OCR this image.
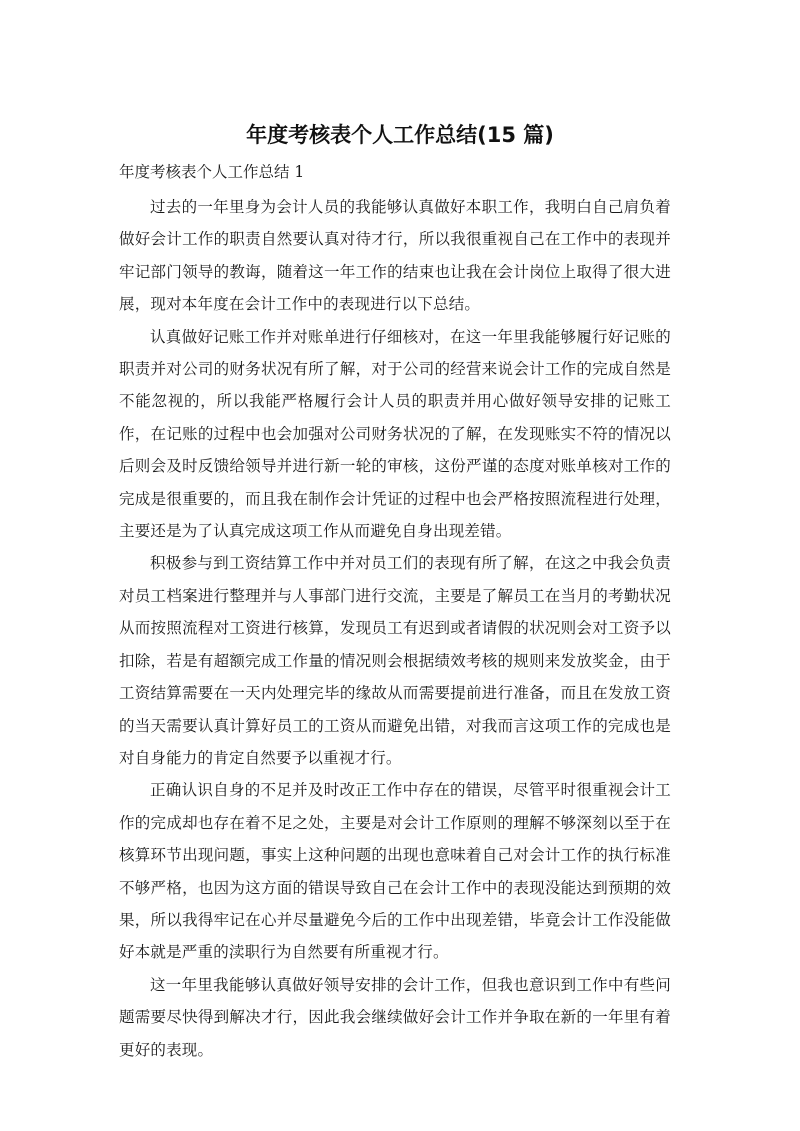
年度考核表个人工作总结(15 篇)

年度考核表个人工作总结 1

过去的一年里身为会计人员的我能够认真做好本职工作，我明白自己肩负着做好会计工作的职责自然要认真对待才行，所以我很重视自己在工作中的表现并牢记部门领导的教诲，随着这一年工作的结束也让我在会计岗位上取得了很大进展，现对本年度在会计工作中的表现进行以下总结。

认真做好记账工作并对账单进行仔细核对，在这一年里我能够履行好记账的职责并对公司的财务状况有所了解，对于公司的经营来说会计工作的完成自然是不能忽视的，所以我能严格履行会计人员的职责并用心做好领导安排的记账工作，在记账的过程中也会加强对公司财务状况的了解，在发现账实不符的情况以后则会及时反馈给领导并进行新一轮的审核，这份严谨的态度对账单核对工作的完成是很重要的，而且我在制作会计凭证的过程中也会严格按照流程进行处理，主要还是为了认真完成这项工作从而避免自身出现差错。

积极参与到工资结算工作中并对员工们的表现有所了解，在这之中我会负责对员工档案进行整理并与人事部门进行交流，主要是了解员工在当月的考勤状况从而按照流程对工资进行核算，发现员工有迟到或者请假的状况则会对工资予以扣除，若是有超额完成工作量的情况则会根据绩效考核的规则来发放奖金，由于工资结算需要在一天内处理完毕的缘故从而需要提前进行准备，而且在发放工资的当天需要认真计算好员工的工资从而避免出错，对我而言这项工作的完成也是对自身能力的肯定自然要予以重视才行。

正确认识自身的不足并及时改正工作中存在的错误，尽管平时很重视会计工作的完成却也存在着不足之处，主要是对会计工作原则的理解不够深刻以至于在核算环节出现问题，事实上这种问题的出现也意味着自己对会计工作的执行标准不够严格，也因为这方面的错误导致自己在会计工作中的表现没能达到预期的效果，所以我得牢记在心并尽量避免今后的工作中出现差错，毕竟会计工作没能做好本就是严重的渎职行为自然要有所重视才行。

这一年里我能够认真做好领导安排的会计工作，但我也意识到工作中有些问题需要尽快得到解决才行，因此我会继续做好会计工作并争取在新的一年里有着更好的表现。
